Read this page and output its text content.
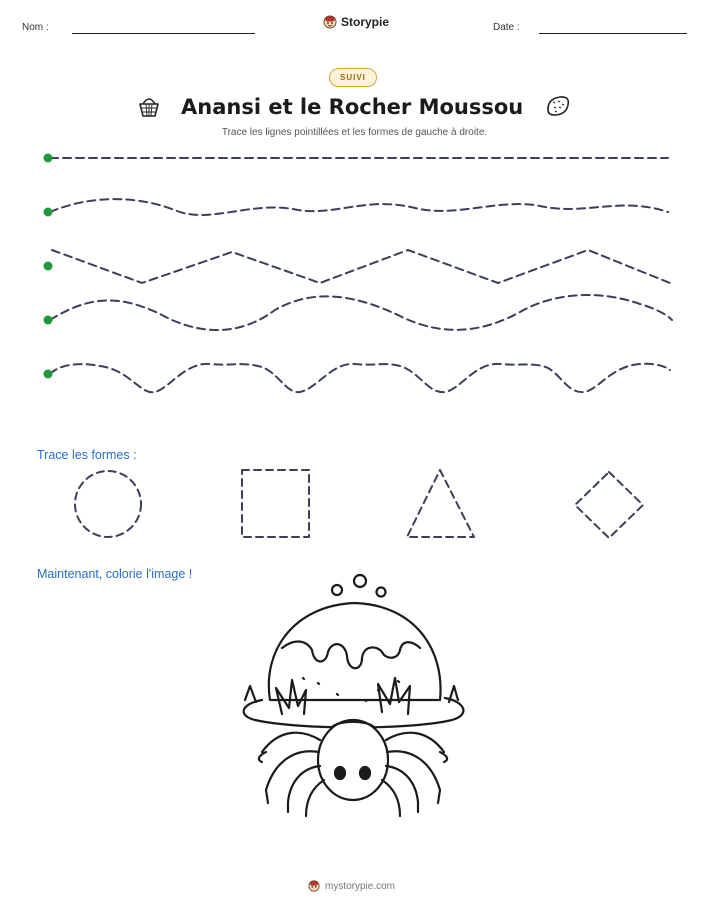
Nom :	Storypie	Date :
SUIVI
Anansi et le Rocher Moussou
Trace les lignes pointillées et les formes de gauche à droite.
Trace les formes :
Maintenant, colorie l'image !
mystorypie.com
